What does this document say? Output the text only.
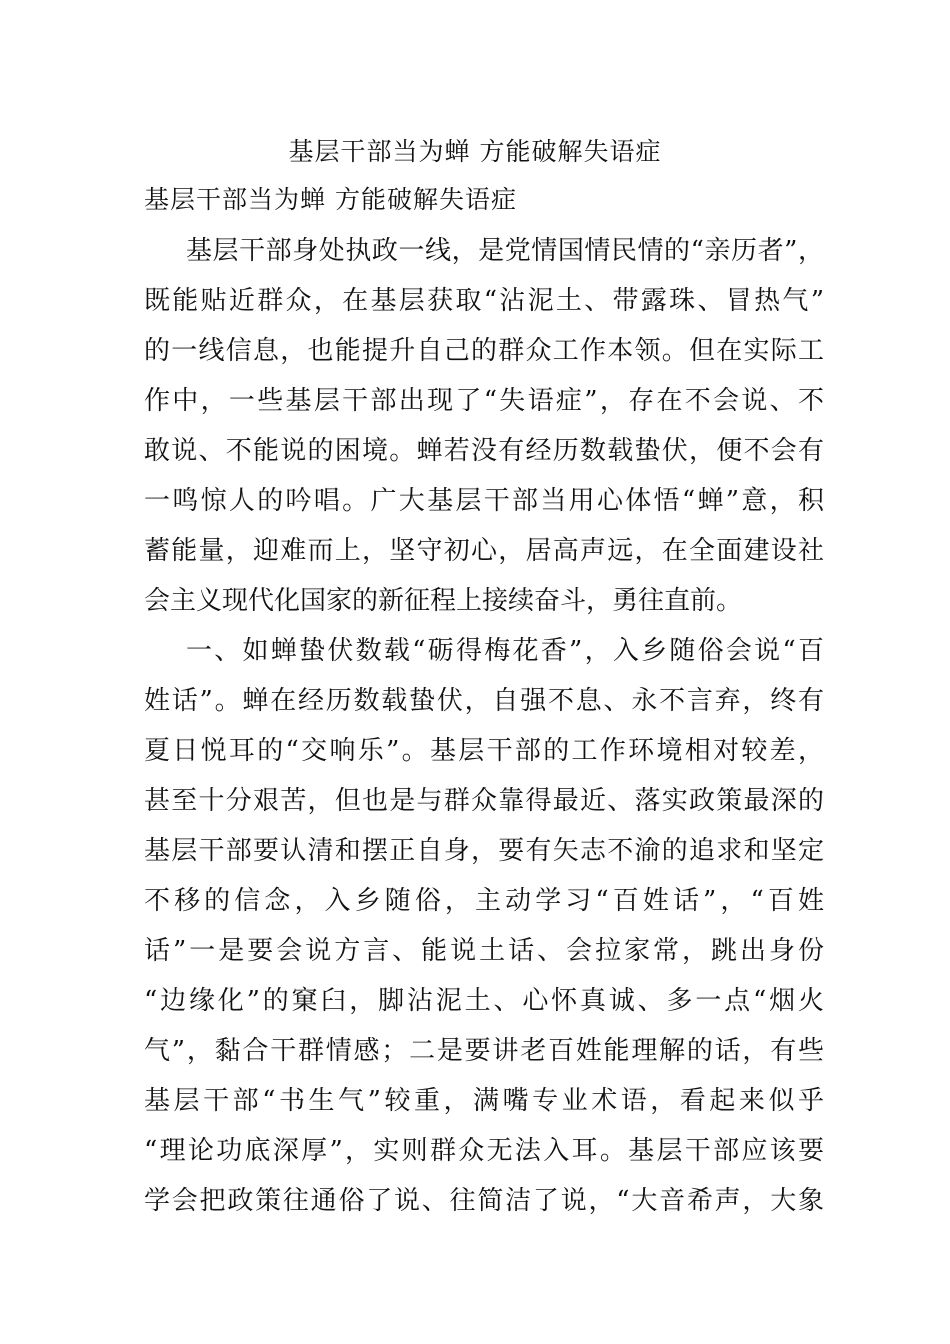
基层干部当为蝉 方能破解失语症
基层干部当为蝉 方能破解失语症
基层干部身处执政一线，是党情国情民情的“亲历者”，
既能贴近群众，在基层获取“沾泥土、带露珠、冒热气”
的一线信息，也能提升自己的群众工作本领。但在实际工
作中，一些基层干部出现了“失语症”，存在不会说、不
敢说、不能说的困境。蝉若没有经历数载蛰伏，便不会有
一鸣惊人的吟唱。广大基层干部当用心体悟“蝉”意，积
蓄能量，迎难而上，坚守初心，居高声远，在全面建设社
会主义现代化国家的新征程上接续奋斗，勇往直前。
一、如蝉蛰伏数载“砺得梅花香”，入乡随俗会说“百
姓话”。蝉在经历数载蛰伏，自强不息、永不言弃，终有
夏日悦耳的“交响乐”。基层干部的工作环境相对较差，
甚至十分艰苦，但也是与群众靠得最近、落实政策最深的
基层干部要认清和摆正自身，要有矢志不渝的追求和坚定
不移的信念，入乡随俗，主动学习“百姓话”，“百姓
话”一是要会说方言、能说土话、会拉家常，跳出身份
“边缘化”的窠臼，脚沾泥土、心怀真诚、多一点“烟火
气”，黏合干群情感；二是要讲老百姓能理解的话，有些
基层干部“书生气”较重，满嘴专业术语，看起来似乎
“理论功底深厚”，实则群众无法入耳。基层干部应该要
学会把政策往通俗了说、往简洁了说，“大音希声，大象
